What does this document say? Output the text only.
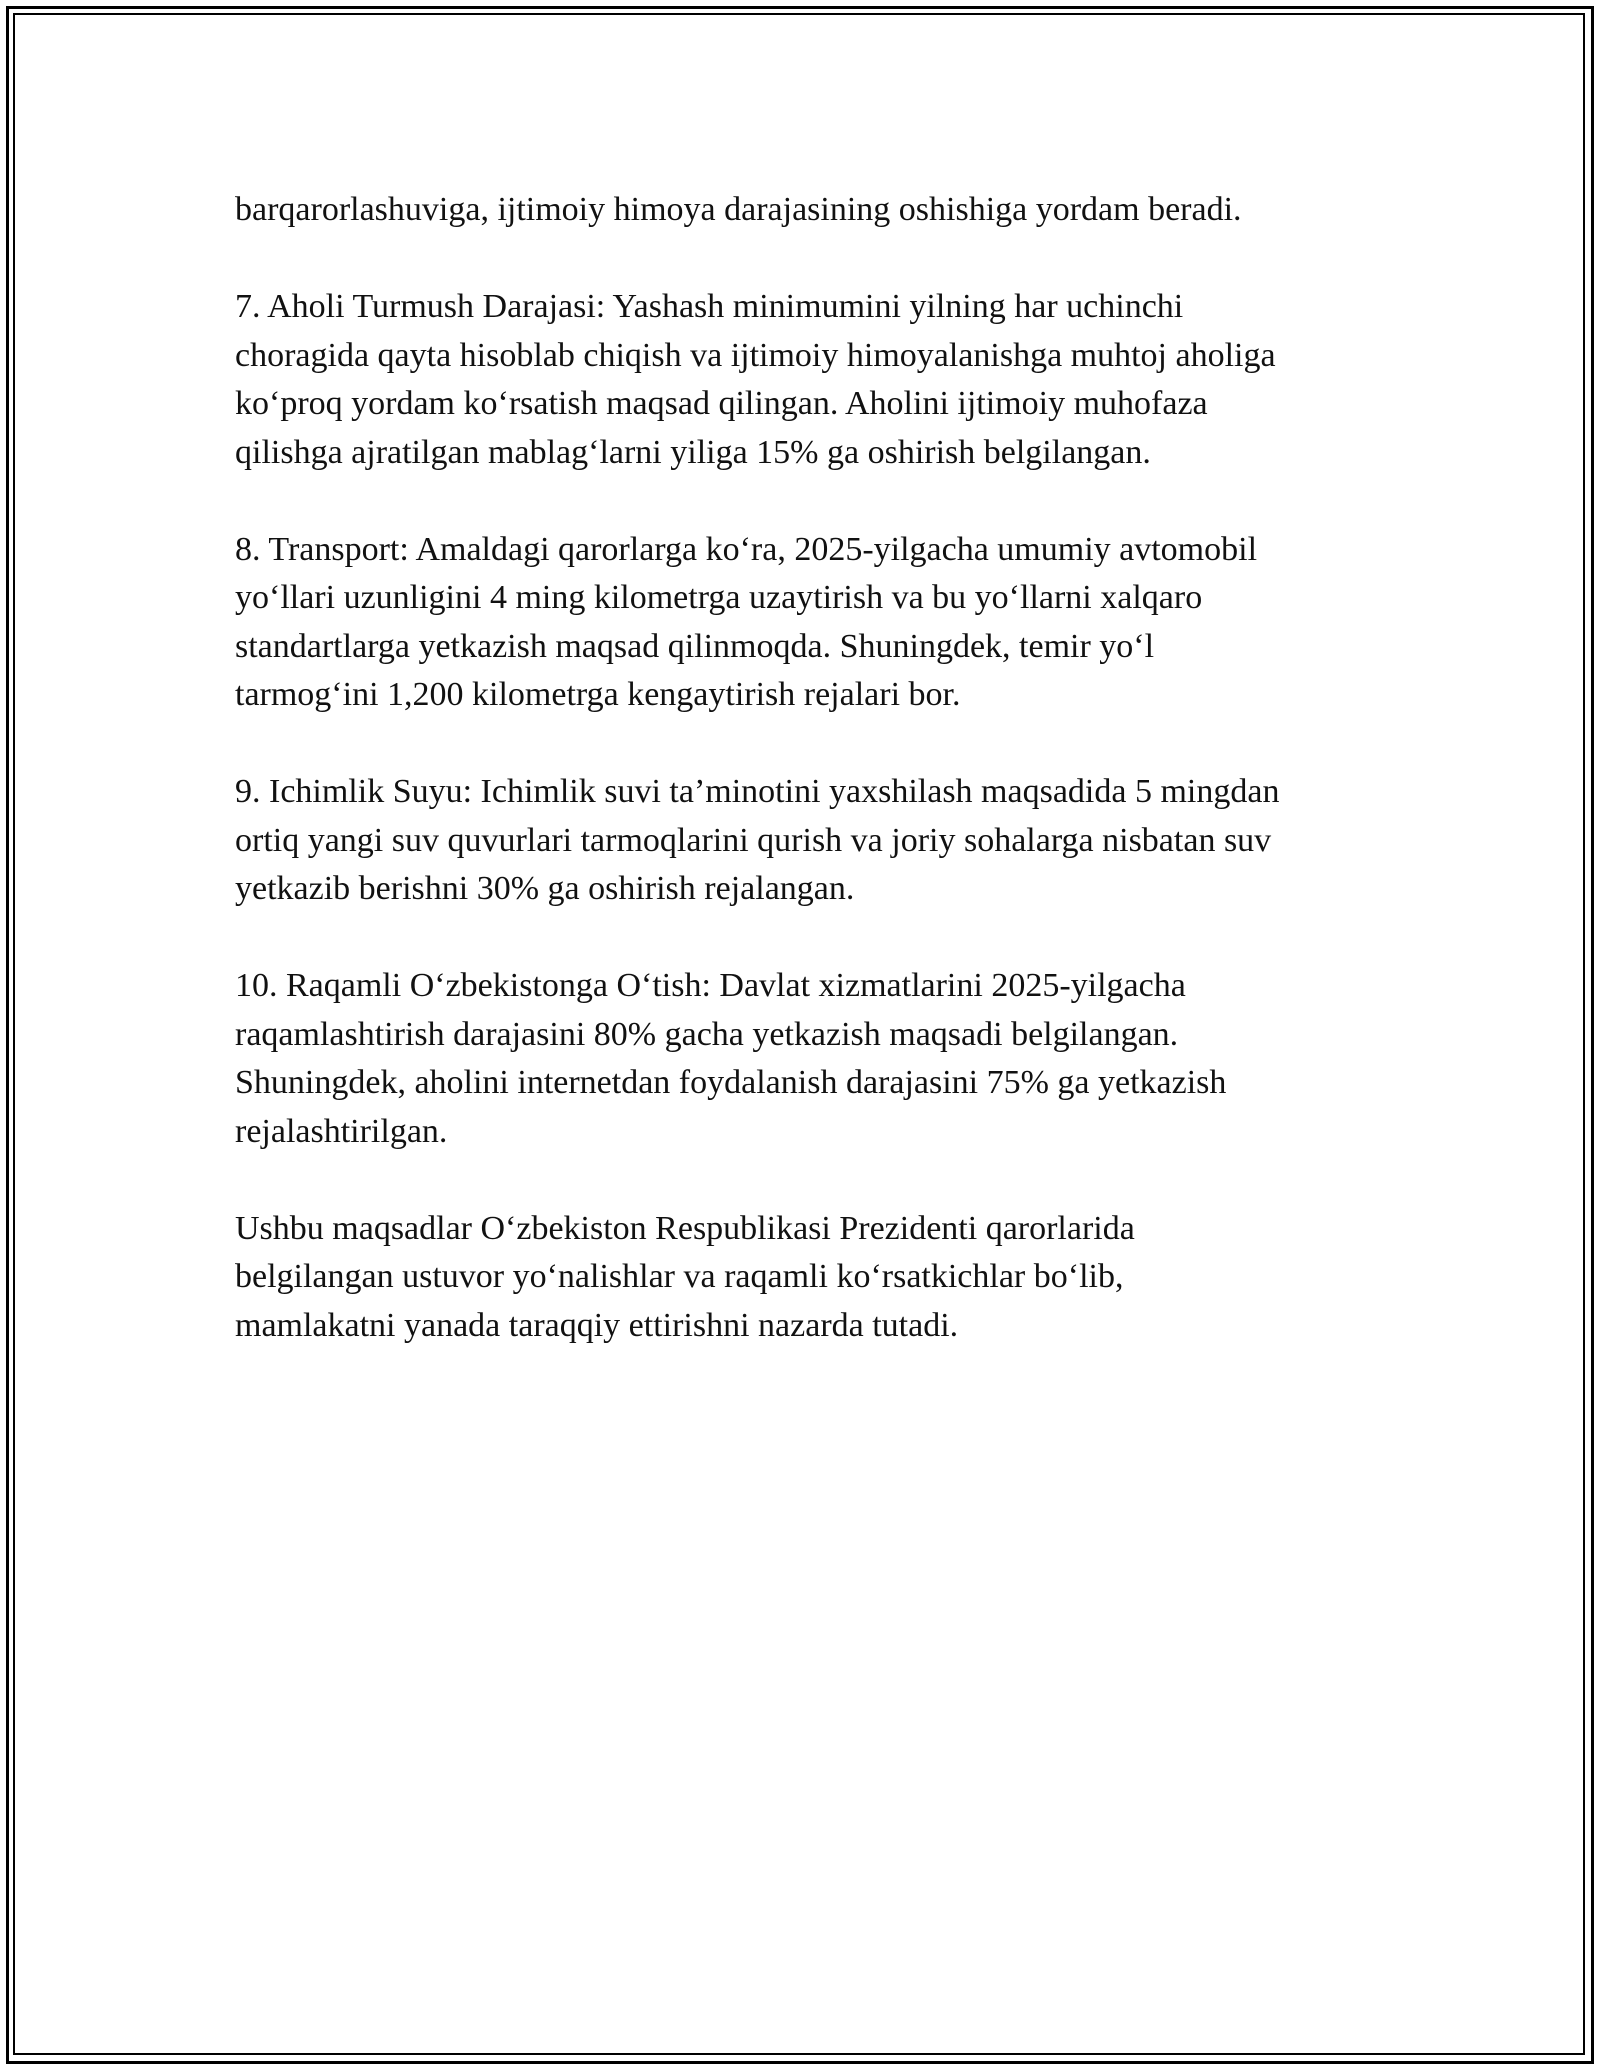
barqarorlashuviga, ijtimoiy himoya darajasining oshishiga yordam beradi.

7. Aholi Turmush Darajasi: Yashash minimumini yilning har uchinchi
choragida qayta hisoblab chiqish va ijtimoiy himoyalanishga muhtoj aholiga
ko‘proq yordam ko‘rsatish maqsad qilingan. Aholini ijtimoiy muhofaza
qilishga ajratilgan mablag‘larni yiliga 15% ga oshirish belgilangan.

8. Transport: Amaldagi qarorlarga ko‘ra, 2025-yilgacha umumiy avtomobil
yo‘llari uzunligini 4 ming kilometrga uzaytirish va bu yo‘llarni xalqaro
standartlarga yetkazish maqsad qilinmoqda. Shuningdek, temir yo‘l
tarmog‘ini 1,200 kilometrga kengaytirish rejalari bor.

9. Ichimlik Suyu: Ichimlik suvi ta’minotini yaxshilash maqsadida 5 mingdan
ortiq yangi suv quvurlari tarmoqlarini qurish va joriy sohalarga nisbatan suv
yetkazib berishni 30% ga oshirish rejalangan.

10. Raqamli O‘zbekistonga O‘tish: Davlat xizmatlarini 2025-yilgacha
raqamlashtirish darajasini 80% gacha yetkazish maqsadi belgilangan.
Shuningdek, aholini internetdan foydalanish darajasini 75% ga yetkazish
rejalashtirilgan.

Ushbu maqsadlar O‘zbekiston Respublikasi Prezidenti qarorlarida
belgilangan ustuvor yo‘nalishlar va raqamli ko‘rsatkichlar bo‘lib,
mamlakatni yanada taraqqiy ettirishni nazarda tutadi.
